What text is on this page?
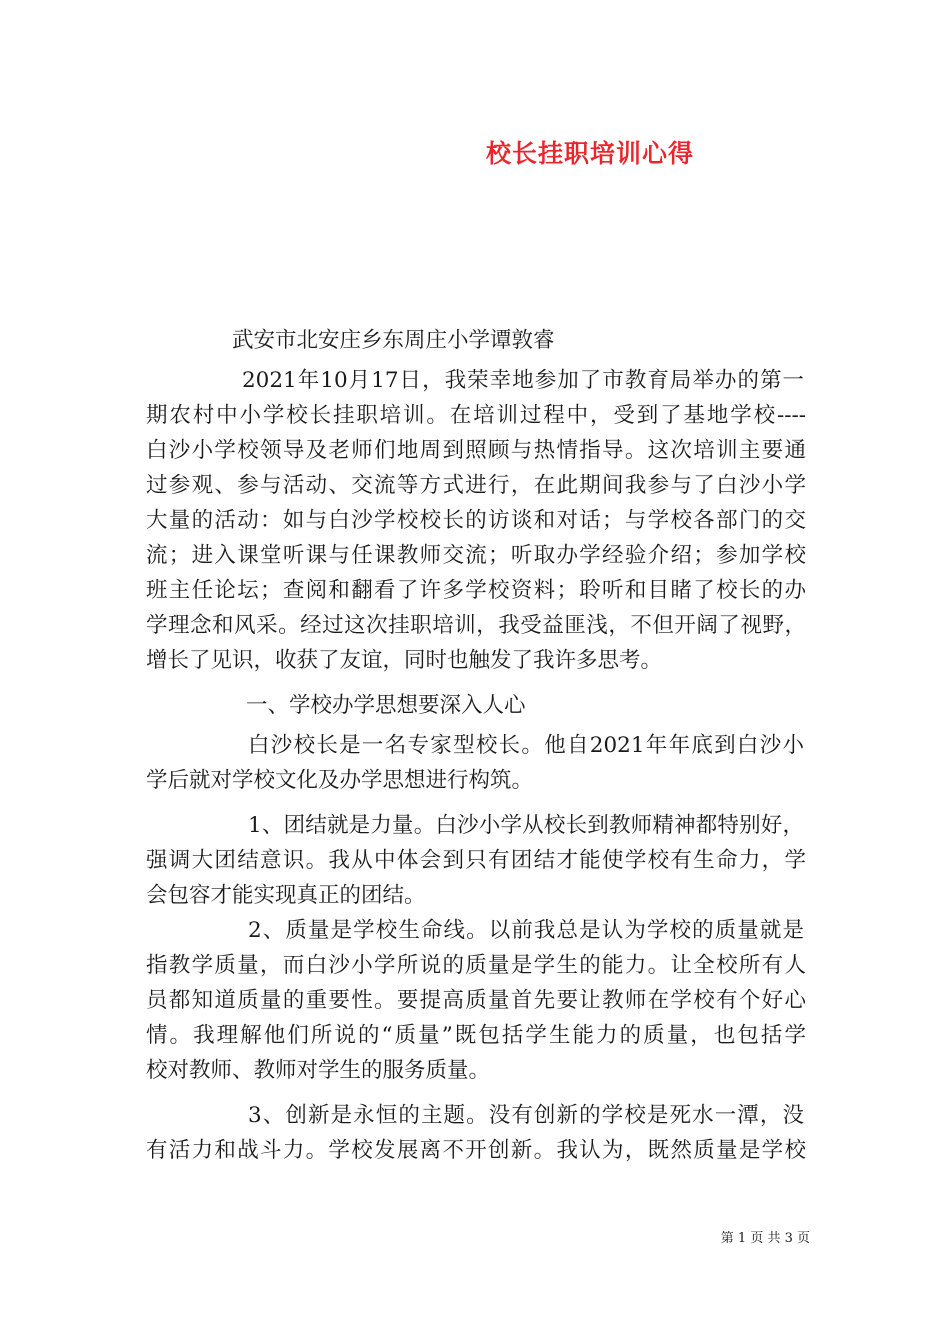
校长挂职培训心得
武安市北安庄乡东周庄小学谭敦睿
2021年10月17日，我荣幸地参加了市教育局举办的第一
期农村中小学校长挂职培训。在培训过程中，受到了基地学校----
白沙小学校领导及老师们地周到照顾与热情指导。这次培训主要通
过参观、参与活动、交流等方式进行，在此期间我参与了白沙小学
大量的活动：如与白沙学校校长的访谈和对话；与学校各部门的交
流；进入课堂听课与任课教师交流；听取办学经验介绍；参加学校
班主任论坛；查阅和翻看了许多学校资料；聆听和目睹了校长的办
学理念和风采。经过这次挂职培训，我受益匪浅，不但开阔了视野，
增长了见识，收获了友谊，同时也触发了我许多思考。
一、学校办学思想要深入人心
白沙校长是一名专家型校长。他自2021年年底到白沙小
学后就对学校文化及办学思想进行构筑。
1、团结就是力量。白沙小学从校长到教师精神都特别好，
强调大团结意识。我从中体会到只有团结才能使学校有生命力，学
会包容才能实现真正的团结。
2、质量是学校生命线。以前我总是认为学校的质量就是
指教学质量，而白沙小学所说的质量是学生的能力。让全校所有人
员都知道质量的重要性。要提高质量首先要让教师在学校有个好心
情。我理解他们所说的“质量”既包括学生能力的质量，也包括学
校对教师、教师对学生的服务质量。
3、创新是永恒的主题。没有创新的学校是死水一潭，没
有活力和战斗力。学校发展离不开创新。我认为，既然质量是学校
第 1 页 共 3 页
